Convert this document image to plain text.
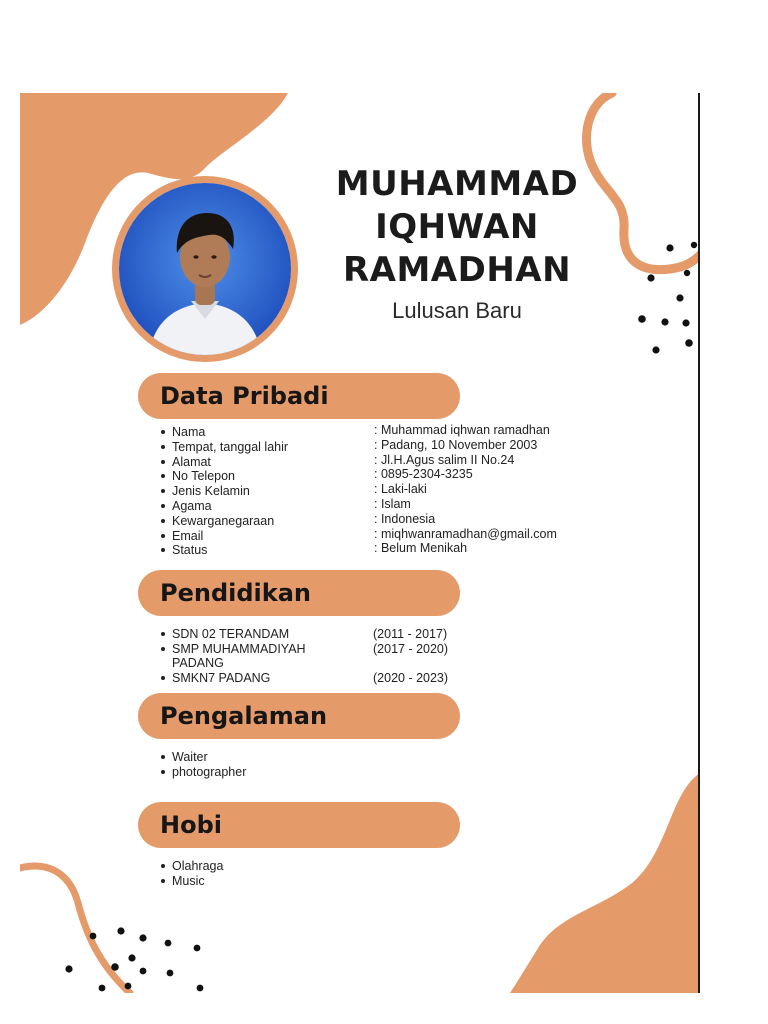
MUHAMMAD
IQHWAN
RAMADHAN
Lulusan Baru
Data Pribadi
Nama
Tempat, tanggal lahir
Alamat
No Telepon
Jenis Kelamin
Agama
Kewarganegaraan
Email
Status
: Muhammad iqhwan ramadhan
: Padang, 10 November 2003
: Jl.H.Agus salim II No.24
: 0895-2304-3235
: Laki-laki
: Islam
: Indonesia
: miqhwanramadhan@gmail.com
: Belum Menikah
Pendidikan
SDN 02 TERANDAM	(2011 - 2017)
SMP MUHAMMADIYAH PADANG
(2017 - 2020)
SMKN7 PADANG	(2020 - 2023)
Pengalaman
Waiter
photographer
Hobi
Olahraga
Music
